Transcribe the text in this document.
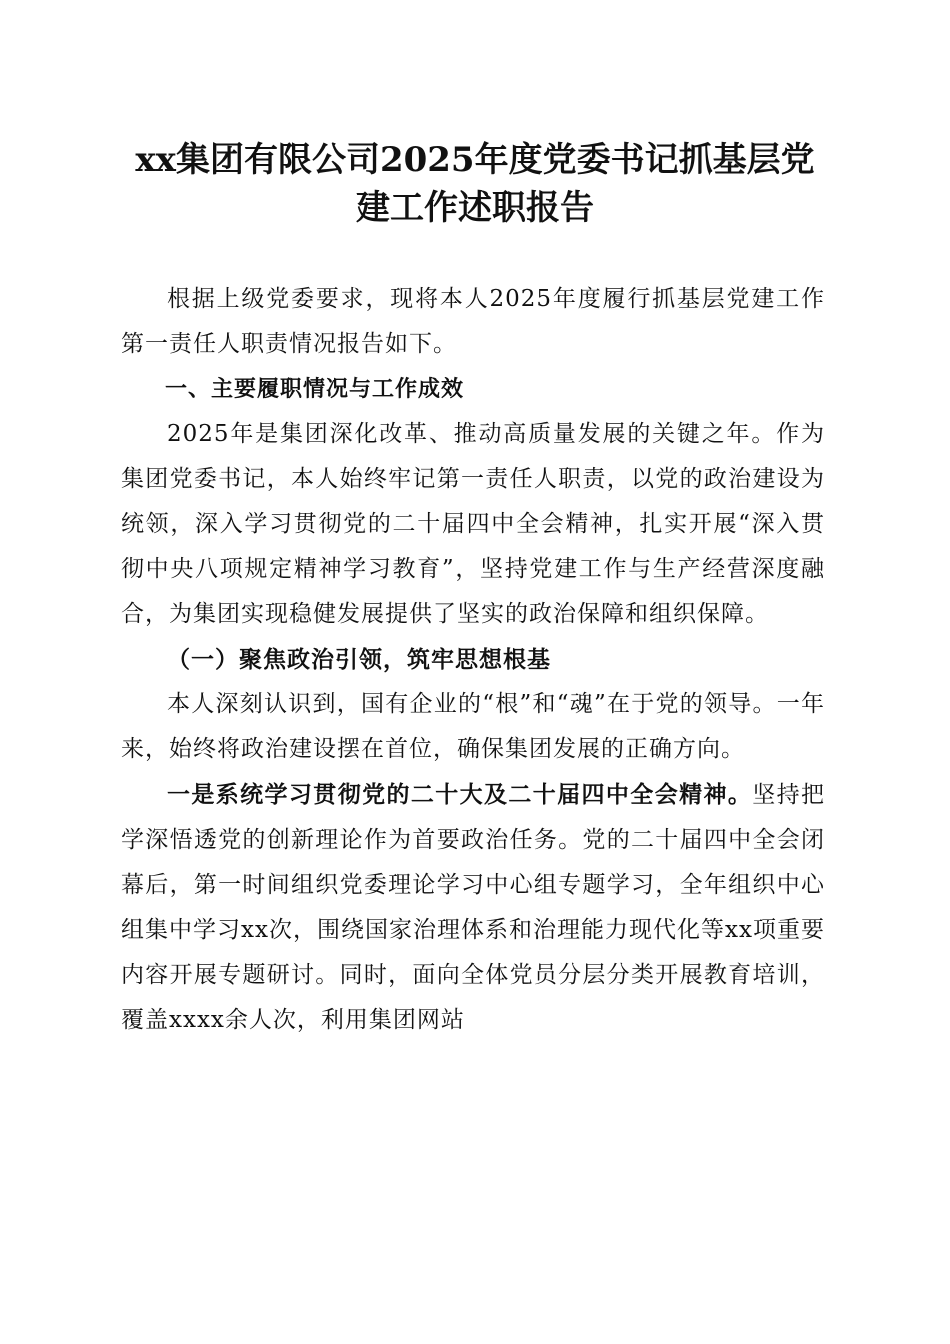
xx集团有限公司2025年度党委书记抓基层党
建工作述职报告

根据上级党委要求，现将本人2025年度履行抓基层党建工作第一责任人职责情况报告如下。

一、主要履职情况与工作成效

2025年是集团深化改革、推动高质量发展的关键之年。作为集团党委书记，本人始终牢记第一责任人职责，以党的政治建设为统领，深入学习贯彻党的二十届四中全会精神，扎实开展“深入贯彻中央八项规定精神学习教育”，坚持党建工作与生产经营深度融合，为集团实现稳健发展提供了坚实的政治保障和组织保障。

（一）聚焦政治引领，筑牢思想根基

本人深刻认识到，国有企业的“根”和“魂”在于党的领导。一年来，始终将政治建设摆在首位，确保集团发展的正确方向。

一是系统学习贯彻党的二十大及二十届四中全会精神。坚持把学深悟透党的创新理论作为首要政治任务。党的二十届四中全会闭幕后，第一时间组织党委理论学习中心组专题学习，全年组织中心组集中学习xx次，围绕国家治理体系和治理能力现代化等xx项重要内容开展专题研讨。同时，面向全体党员分层分类开展教育培训，覆盖xxxx余人次，利用集团网站
